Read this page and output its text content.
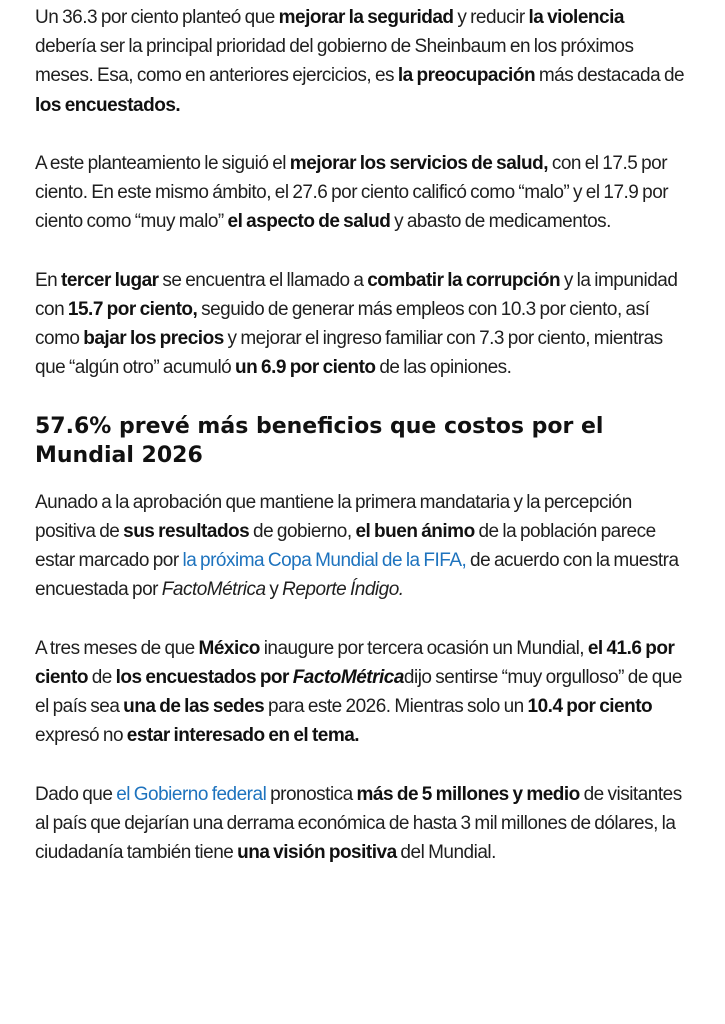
Un 36.3 por ciento planteó que mejorar la seguridad y reducir la violencia debería ser la principal prioridad del gobierno de Sheinbaum en los próximos meses. Esa, como en anteriores ejercicios, es la preocupación más destacada de los encuestados.

A este planteamiento le siguió el mejorar los servicios de salud, con el 17.5 por ciento. En este mismo ámbito, el 27.6 por ciento calificó como “malo” y el 17.9 por ciento como “muy malo” el aspecto de salud y abasto de medicamentos.

En tercer lugar se encuentra el llamado a combatir la corrupción y la impunidad con 15.7 por ciento, seguido de generar más empleos con 10.3 por ciento, así como bajar los precios y mejorar el ingreso familiar con 7.3 por ciento, mientras que “algún otro” acumuló un 6.9 por ciento de las opiniones.

57.6% prevé más beneficios que costos por el Mundial 2026

Aunado a la aprobación que mantiene la primera mandataria y la percepción positiva de sus resultados de gobierno, el buen ánimo de la población parece estar marcado por la próxima Copa Mundial de la FIFA, de acuerdo con la muestra encuestada por FactoMétrica y Reporte Índigo.

A tres meses de que México inaugure por tercera ocasión un Mundial, el 41.6 por ciento de los encuestados por FactoMétricadijo sentirse “muy orgulloso” de que el país sea una de las sedes para este 2026. Mientras solo un 10.4 por ciento expresó no estar interesado en el tema.

Dado que el Gobierno federal pronostica más de 5 millones y medio de visitantes al país que dejarían una derrama económica de hasta 3 mil millones de dólares, la ciudadanía también tiene una visión positiva del Mundial.
